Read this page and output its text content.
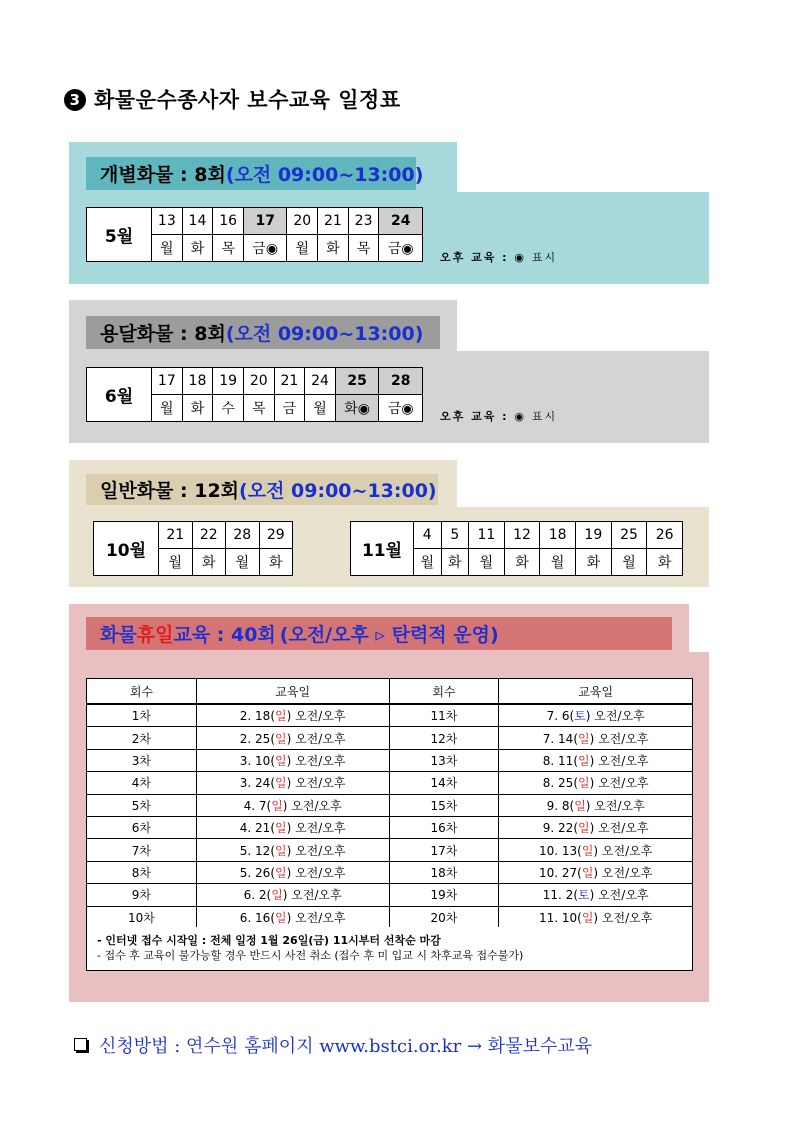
3 화물운수종사자 보수교육 일정표
개별화물 : 8회 (오전 09:00~13:00)
5월	13	14	16	17	20	21	23	24
	월	화	목	금◉	월	화	목	금◉
오후 교육 : ◉ 표시
용달화물 : 8회 (오전 09:00~13:00)
6월	17	18	19	20	21	24	25	28
	월	화	수	목	금	월	화◉	금◉ 오후 교육 : ◉ 표시
일반화물 : 12회 (오전 09:00~13:00)
10월	21	22	28	29
	월	화	월	화
11월	4	5	11	12	18	19	25	26
	월	화	월	화	월	화	월	화
화물 휴일 교육 : 40회 (오전/오후 ▹ 탄력적 운영)
회수	교육일	회수	교육일
1차	2. 18(일) 오전/오후	11차	7. 6(토) 오전/오후
2차	2. 25(일) 오전/오후	12차	7. 14(일) 오전/오후
3차	3. 10(일) 오전/오후	13차	8. 11(일) 오전/오후
4차	3. 24(일) 오전/오후	14차	8. 25(일) 오전/오후
5차	4. 7(일) 오전/오후	15차	9. 8(일) 오전/오후
6차	4. 21(일) 오전/오후	16차	9. 22(일) 오전/오후
7차	5. 12(일) 오전/오후	17차	10. 13(일) 오전/오후
8차	5. 26(일) 오전/오후	18차	10. 27(일) 오전/오후
9차	6. 2(일) 오전/오후	19차	11. 2(토) 오전/오후
10차	6. 16(일) 오전/오후	20차	11. 10(일) 오전/오후
- 인터넷 접수 시작일 : 전체 일정 1월 26일(금) 11시부터 선착순 마감
- 접수 후 교육이 불가능할 경우 반드시 사전 취소 (접수 후 미 입교 시 차후교육 접수불가)
신청방법 : 연수원 홈페이지 www.bstci.or.kr → 화물보수교육
